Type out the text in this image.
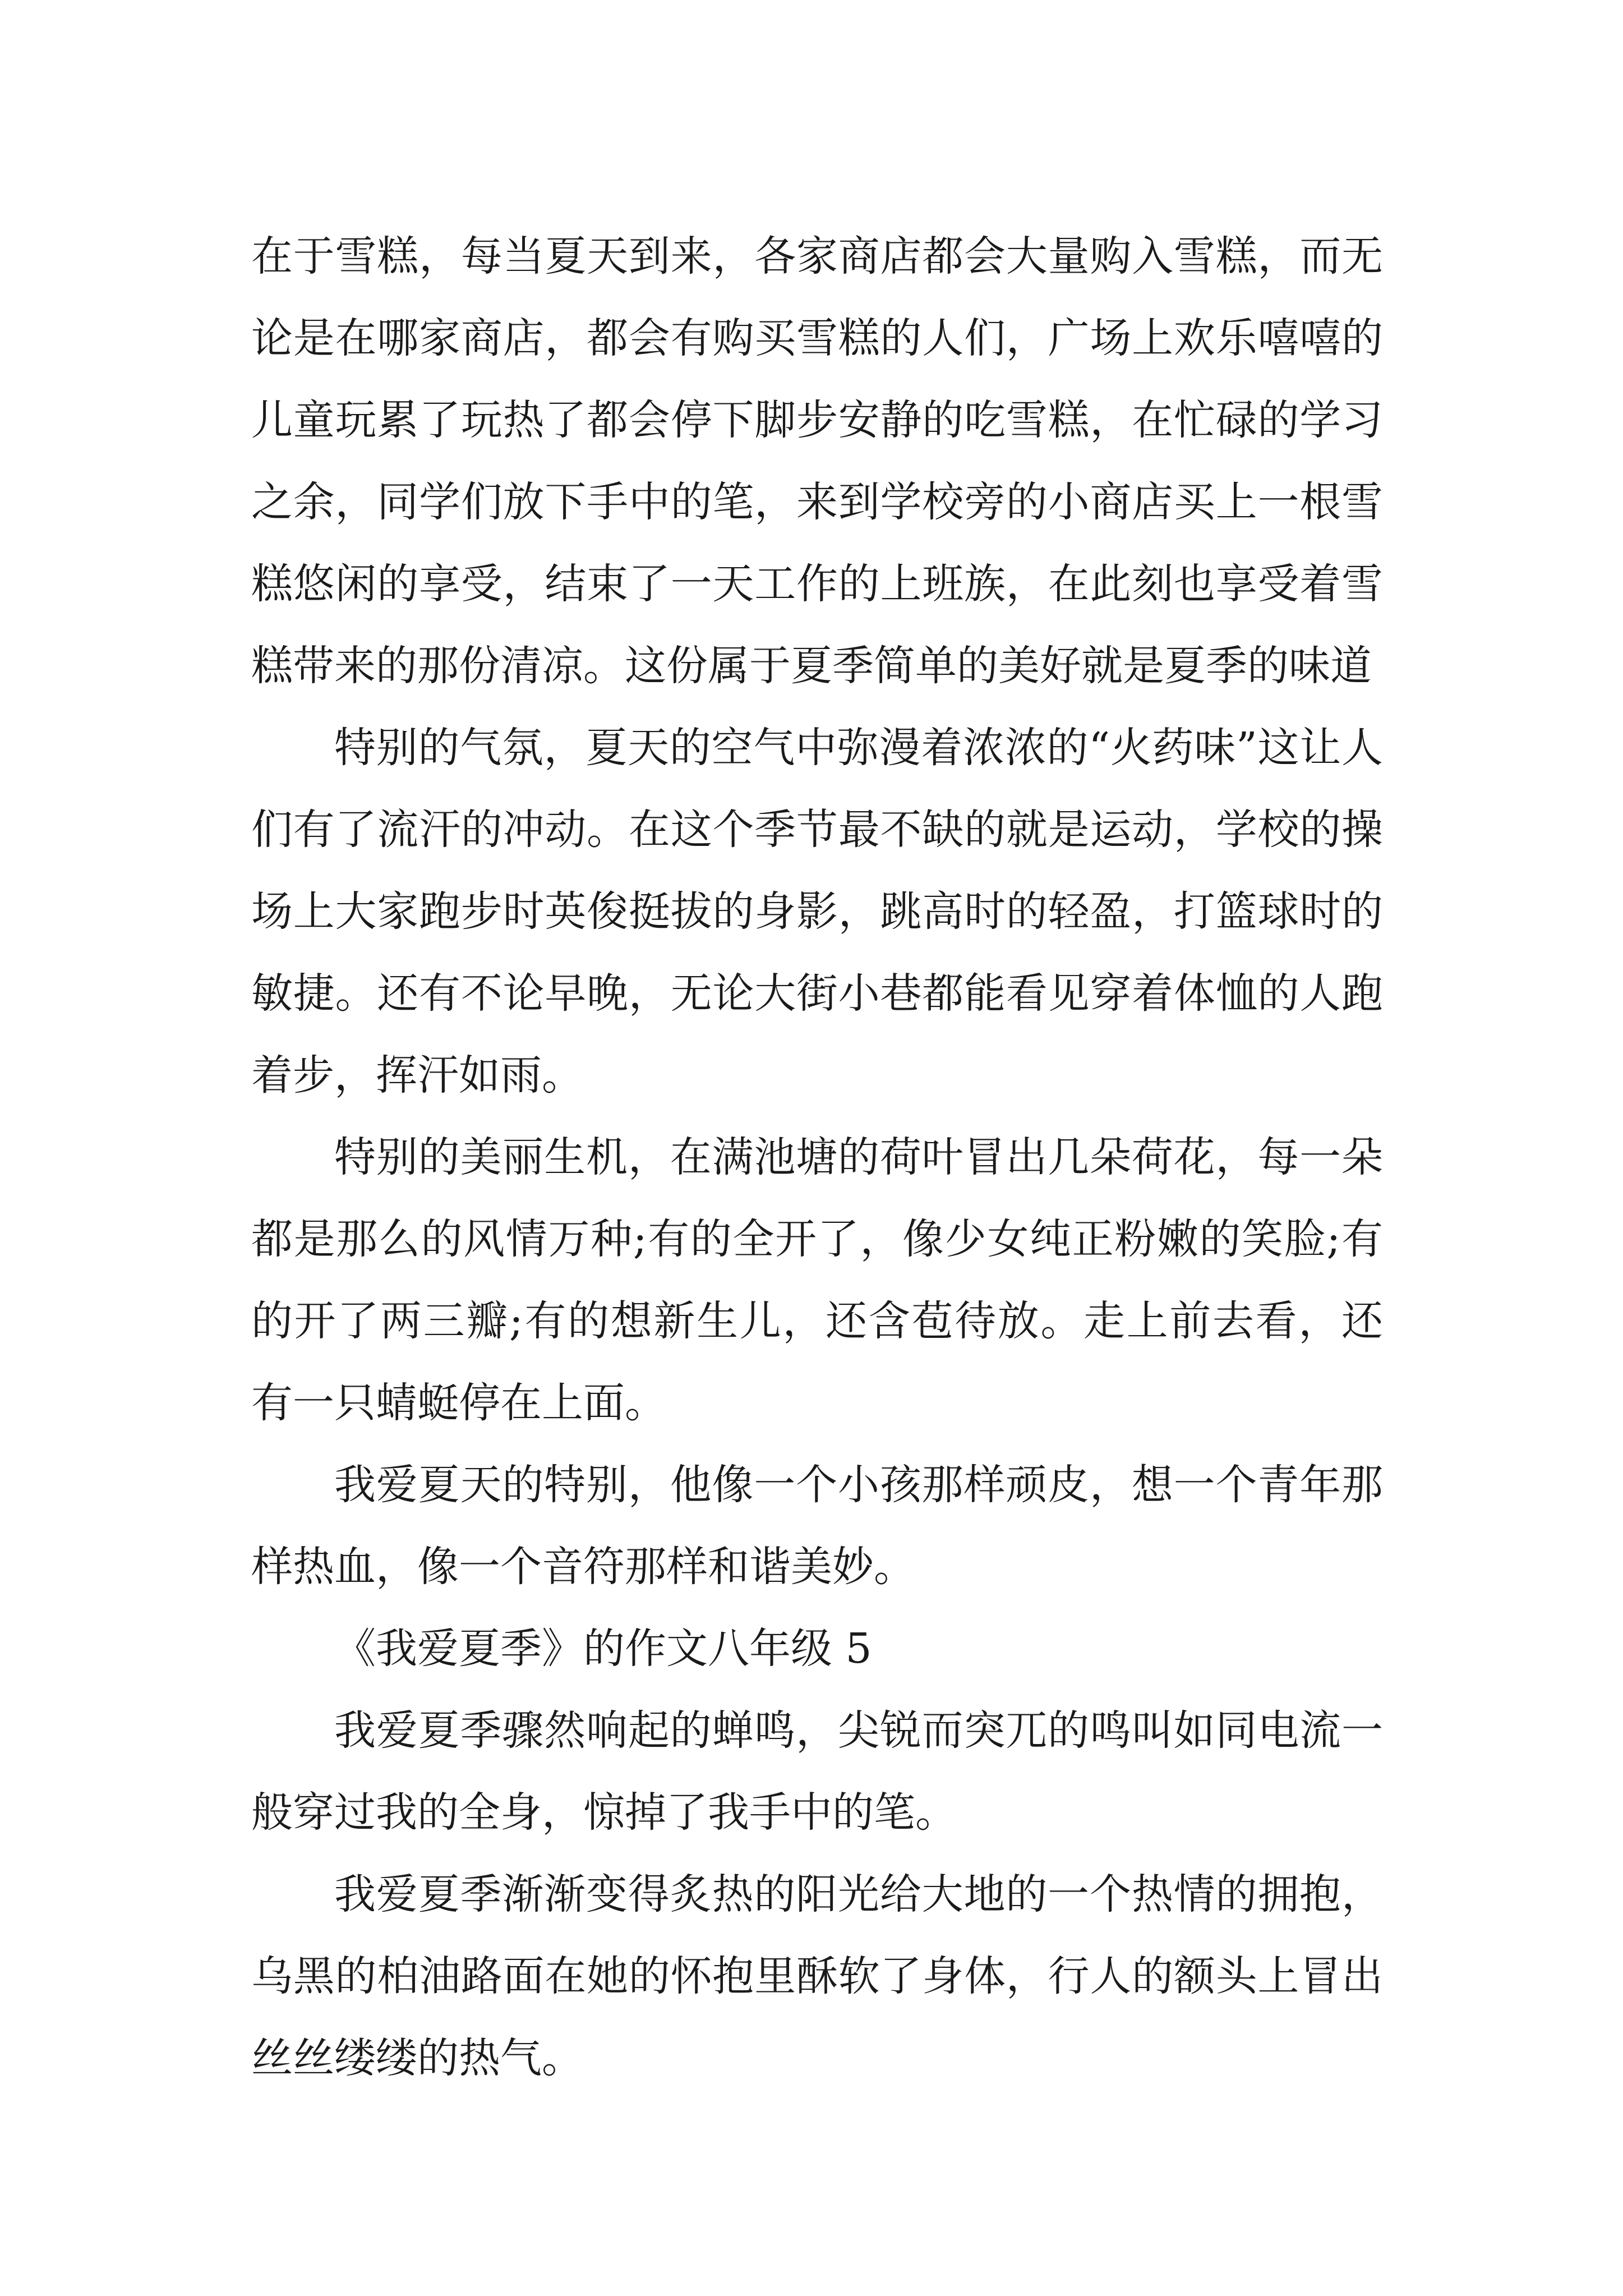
在于雪糕，每当夏天到来，各家商店都会大量购入雪糕，而无论是在哪家商店，都会有购买雪糕的人们，广场上欢乐嘻嘻的儿童玩累了玩热了都会停下脚步安静的吃雪糕，在忙碌的学习之余，同学们放下手中的笔，来到学校旁的小商店买上一根雪糕悠闲的享受，结束了一天工作的上班族，在此刻也享受着雪糕带来的那份清凉。这份属于夏季简单的美好就是夏季的味道

特别的气氛，夏天的空气中弥漫着浓浓的“火药味”这让人们有了流汗的冲动。在这个季节最不缺的就是运动，学校的操场上大家跑步时英俊挺拔的身影，跳高时的轻盈，打篮球时的敏捷。还有不论早晚，无论大街小巷都能看见穿着体恤的人跑着步，挥汗如雨。

特别的美丽生机，在满池塘的荷叶冒出几朵荷花，每一朵都是那么的风情万种;有的全开了，像少女纯正粉嫩的笑脸;有的开了两三瓣;有的想新生儿，还含苞待放。走上前去看，还有一只蜻蜓停在上面。

我爱夏天的特别，他像一个小孩那样顽皮，想一个青年那样热血，像一个音符那样和谐美妙。

《我爱夏季》的作文八年级 5

我爱夏季骤然响起的蝉鸣，尖锐而突兀的鸣叫如同电流一般穿过我的全身，惊掉了我手中的笔。

我爱夏季渐渐变得炙热的阳光给大地的一个热情的拥抱，乌黑的柏油路面在她的怀抱里酥软了身体，行人的额头上冒出丝丝缕缕的热气。
